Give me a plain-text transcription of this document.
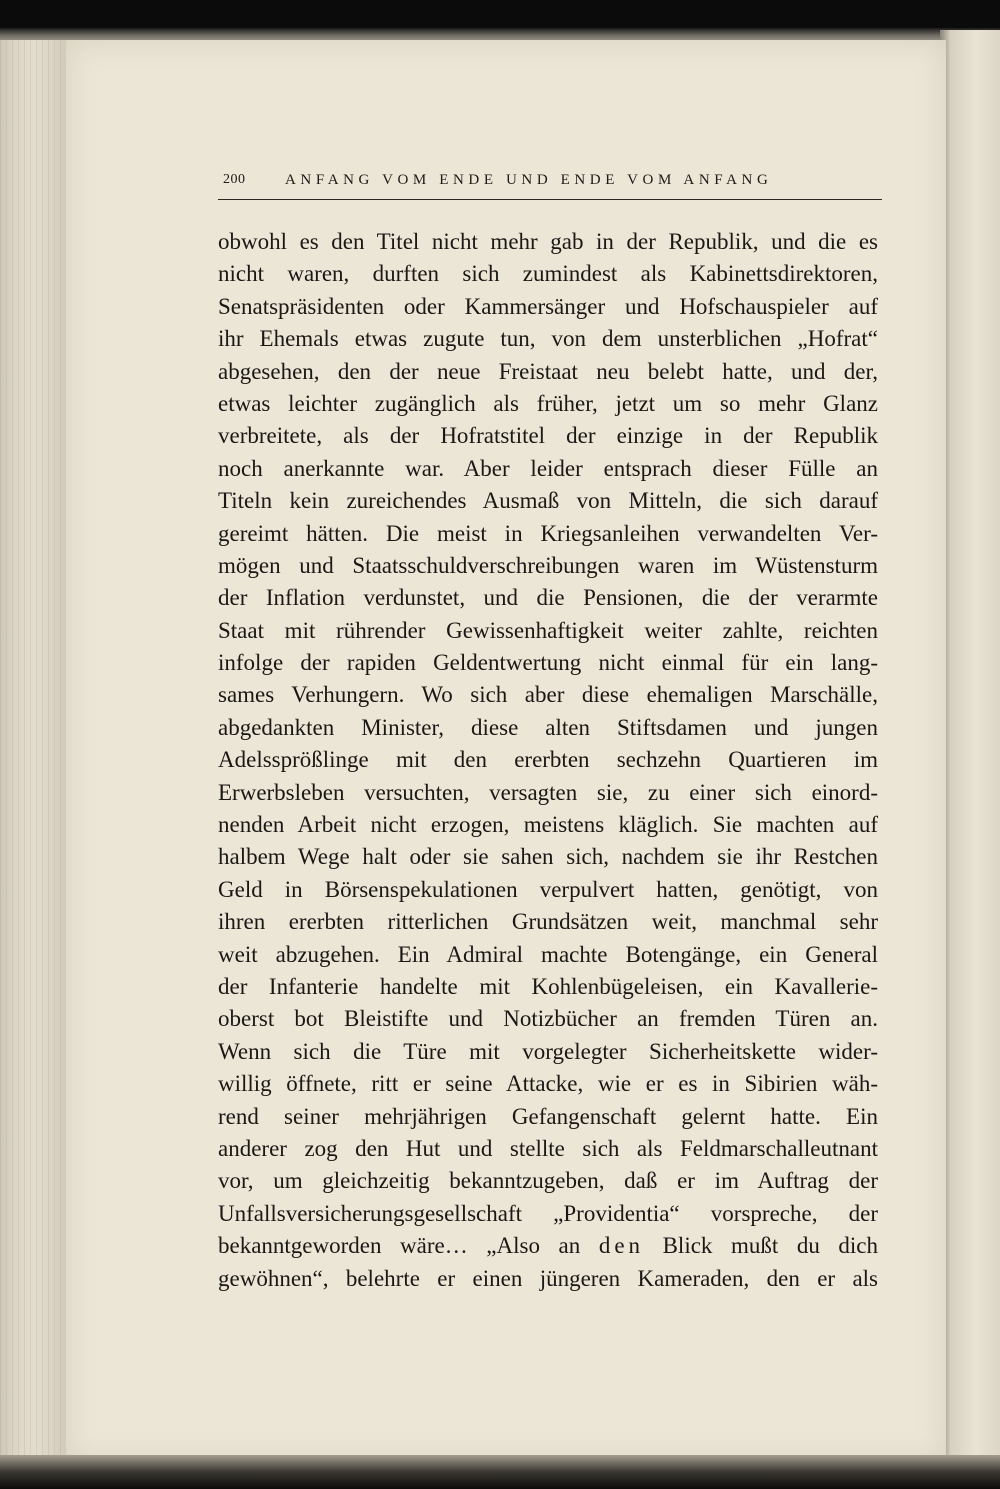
200	ANFANG VOM ENDE UND ENDE VOM ANFANG
obwohl es den Titel nicht mehr gab in der Republik, und die es
nicht waren, durften sich zumindest als Kabinettsdirektoren,
Senatspräsidenten oder Kammersänger und Hofschauspieler auf
ihr Ehemals etwas zugute tun, von dem unsterblichen „Hofrat“
abgesehen, den der neue Freistaat neu belebt hatte, und der,
etwas leichter zugänglich als früher, jetzt um so mehr Glanz
verbreitete, als der Hofratstitel der einzige in der Republik
noch anerkannte war. Aber leider entsprach dieser Fülle an
Titeln kein zureichendes Ausmaß von Mitteln, die sich darauf
gereimt hätten. Die meist in Kriegsanleihen verwandelten Ver-
mögen und Staatsschuldverschreibungen waren im Wüstensturm
der Inflation verdunstet, und die Pensionen, die der verarmte
Staat mit rührender Gewissenhaftigkeit weiter zahlte, reichten
infolge der rapiden Geldentwertung nicht einmal für ein lang-
sames Verhungern. Wo sich aber diese ehemaligen Marschälle,
abgedankten Minister, diese alten Stiftsdamen und jungen
Adelssprößlinge mit den ererbten sechzehn Quartieren im
Erwerbsleben versuchten, versagten sie, zu einer sich einord-
nenden Arbeit nicht erzogen, meistens kläglich. Sie machten auf
halbem Wege halt oder sie sahen sich, nachdem sie ihr Restchen
Geld in Börsenspekulationen verpulvert hatten, genötigt, von
ihren ererbten ritterlichen Grundsätzen weit, manchmal sehr
weit abzugehen. Ein Admiral machte Botengänge, ein General
der Infanterie handelte mit Kohlenbügeleisen, ein Kavallerie-
oberst bot Bleistifte und Notizbücher an fremden Türen an.
Wenn sich die Türe mit vorgelegter Sicherheitskette wider-
willig öffnete, ritt er seine Attacke, wie er es in Sibirien wäh-
rend seiner mehrjährigen Gefangenschaft gelernt hatte. Ein
anderer zog den Hut und stellte sich als Feldmarschalleutnant
vor, um gleichzeitig bekanntzugeben, daß er im Auftrag der
Unfallsversicherungsgesellschaft „Providentia“ vorspreche, der
bekanntgeworden wäre… „Also an den Blick mußt du dich
gewöhnen“, belehrte er einen jüngeren Kameraden, den er als
